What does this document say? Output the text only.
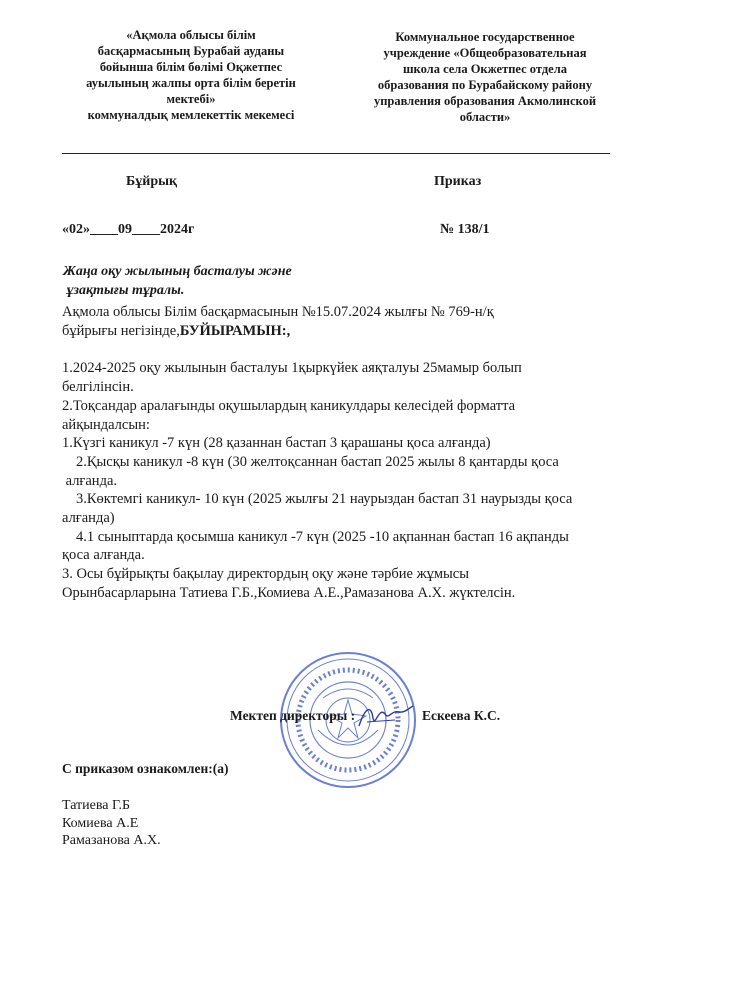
«Ақмола облысы білім
басқармасының Бурабай ауданы
бойынша білім бөлімі Оқжетпес
ауылының жалпы орта білім беретін
мектебі»
коммуналдық мемлекеттік мекемесі
Коммунальное государственное
учреждение «Общеобразовательная
школа села Окжетпес отдела
образования по Бурабайскому району
управления образования Акмолинской
области»
Бұйрық	Приказ
«02»____09____2024г	№ 138/1
Жаңа оқу жылының басталуы және
ұзақтығы тұралы.

Ақмола облысы Білім басқармасынын №15.07.2024 жылғы № 769-н/қ

бұйрығы негізінде,БУЙЫРАМЫН:,

1.2024-2025 оқу жылынын басталуы 1қыркүйек аяқталуы 25мамыр болып

белгілінсін.

2.Тоқсандар аралағынды оқушылардың каникулдары келесідей форматта

айқындалсын:

1.Күзгі каникул -7 күн (28 қазаннан бастап 3 қарашаны қоса алғанда)

2.Қысқы каникул -8 күн (30 желтоқсаннан бастап 2025 жылы 8 қантарды қоса

алғанда.

3.Көктемгі каникул- 10 күн (2025 жылғы 21 наурыздан бастап 31 наурызды қоса

алғанда)

4.1 сыныптарда қосымша каникул -7 күн (2025 -10 ақпаннан бастап 16 ақпанды

қоса алғанда.

3. Осы бұйрықты бақылау директордың оқу және тәрбие жұмысы

Орынбасарларына Татиева Г.Б.,Комиева А.Е.,Рамазанова А.Х. жүктелсін.

Мектеп директоры :	Ескеева К.С.
С приказом ознакомлен:(а)
Татиева Г.Б
Комиева А.Е
Рамазанова А.Х.
